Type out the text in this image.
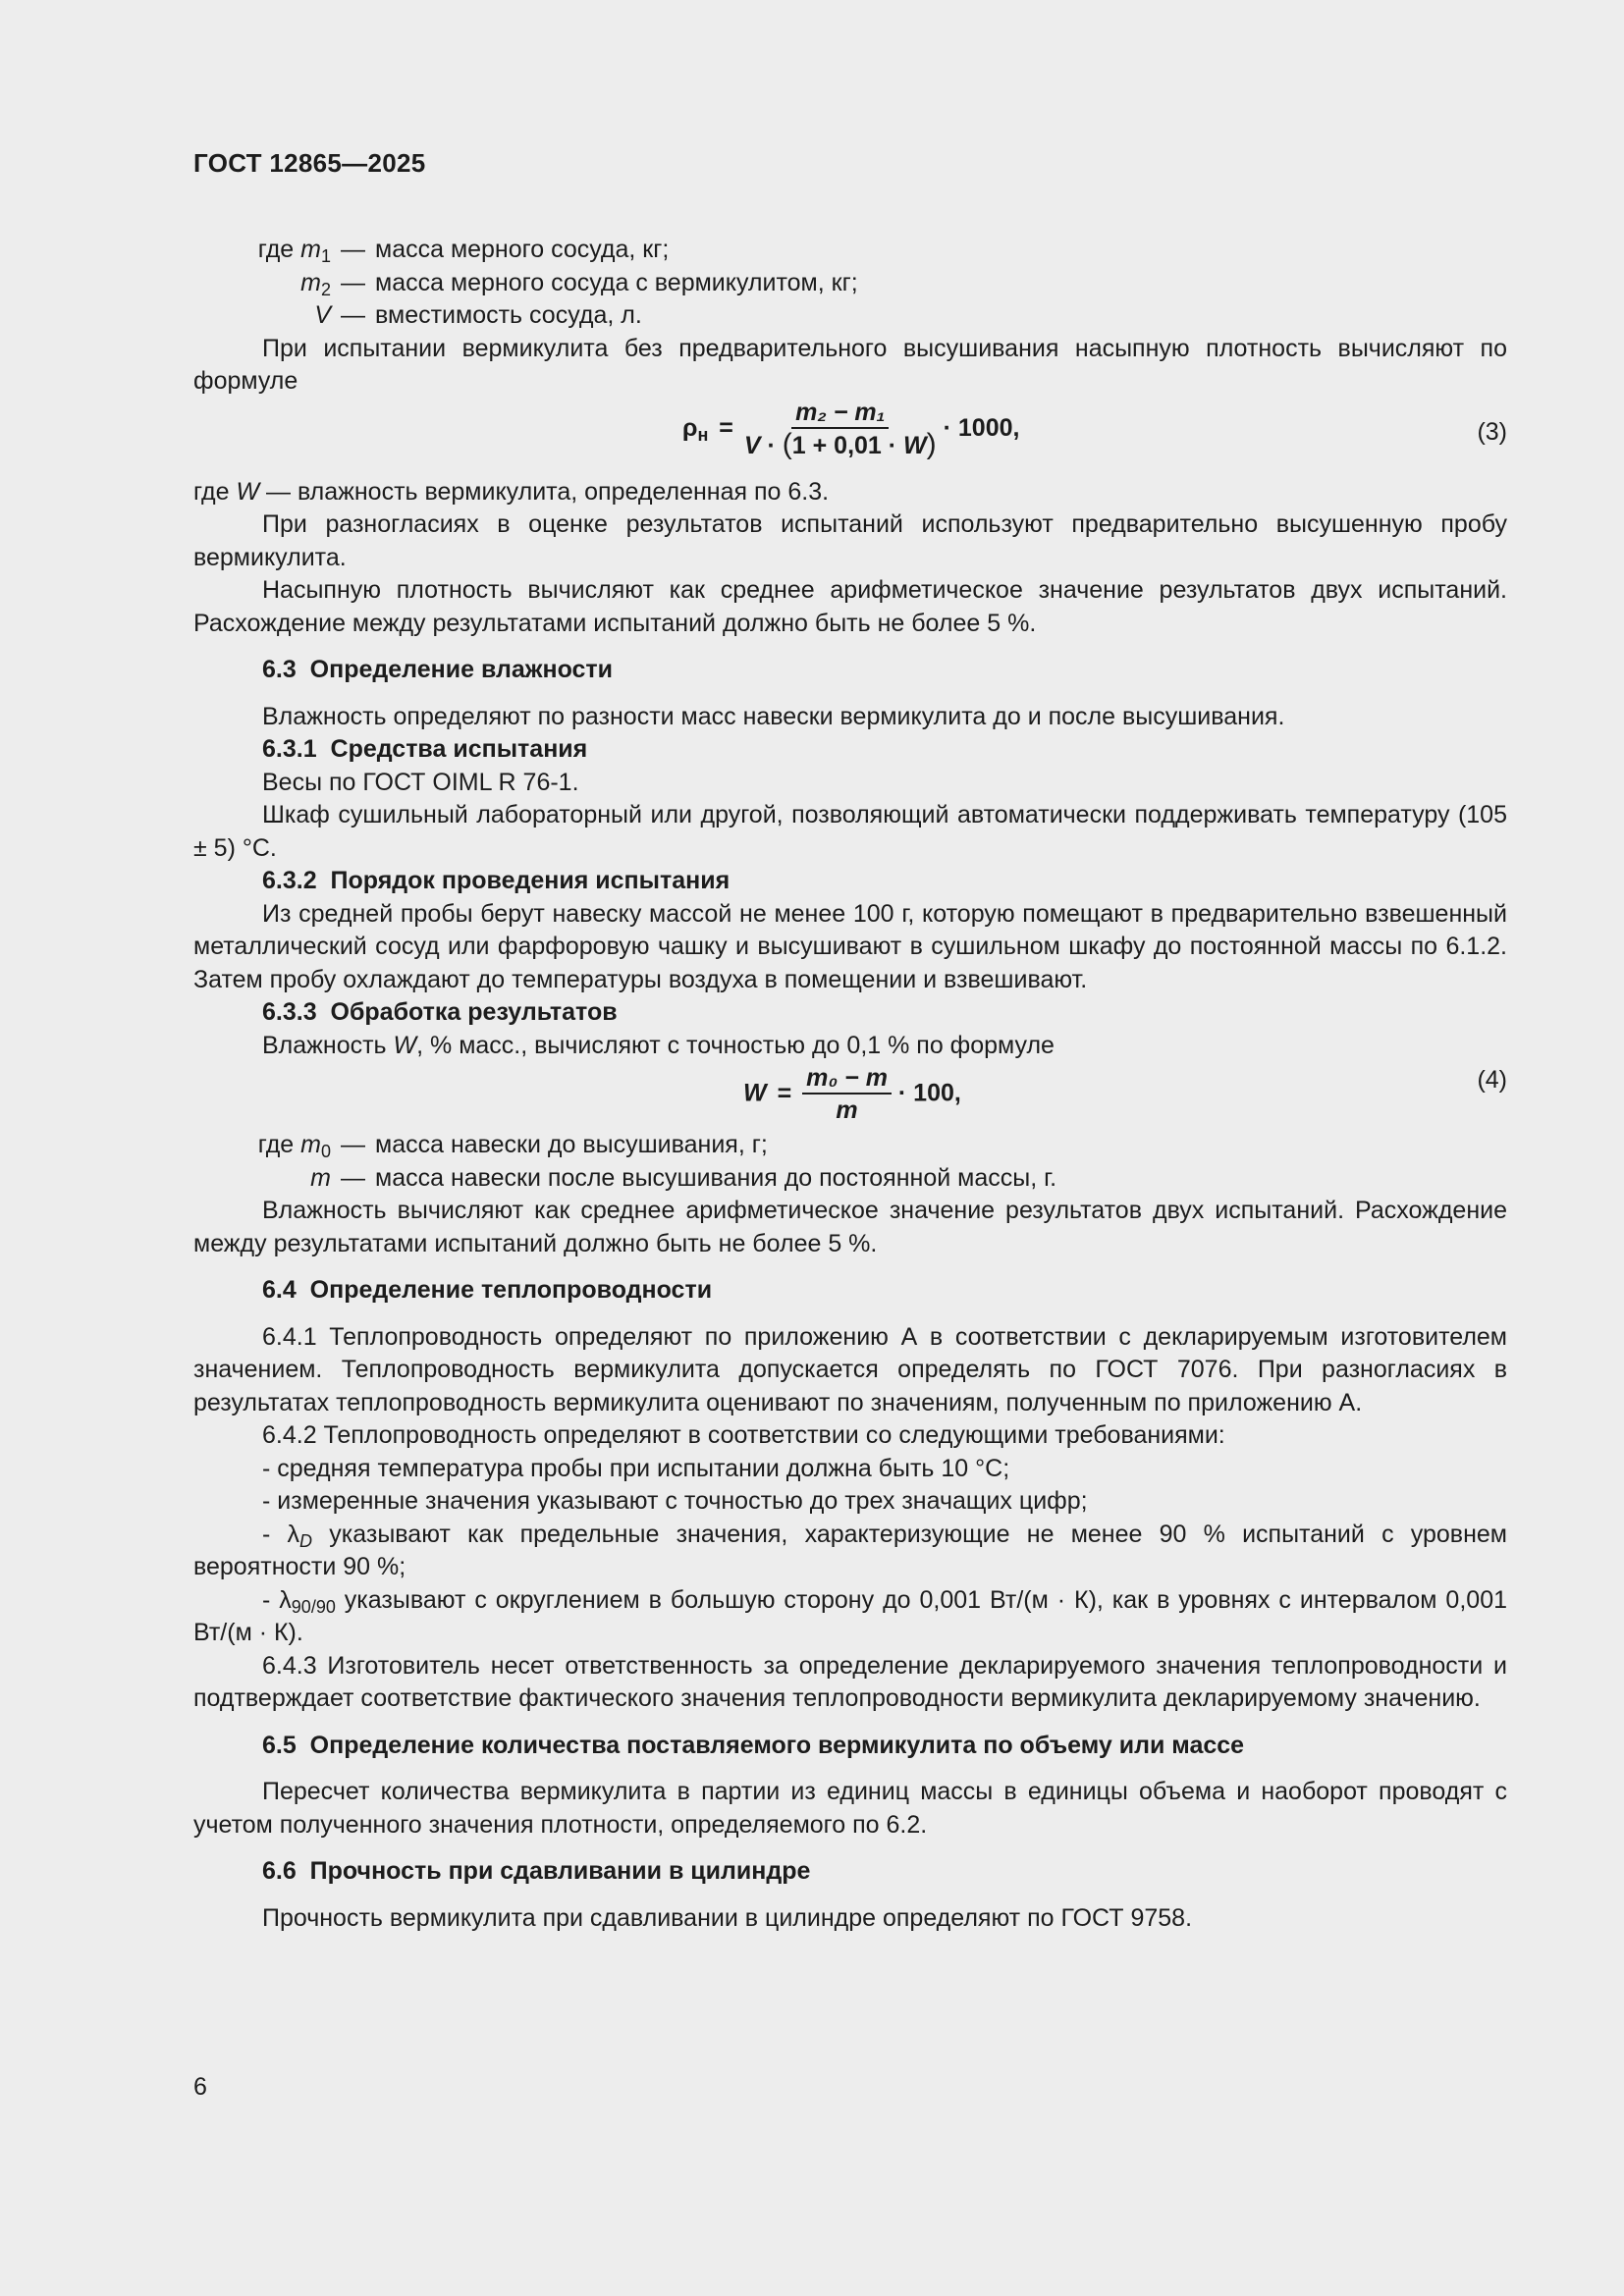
ГОСТ 12865—2025
где $m_1$ — масса мерного сосуда, кг;
$m_2$ — масса мерного сосуда с вермикулитом, кг;
V — вместимость сосуда, л.

При испытании вермикулита без предварительного высушивания насыпную плотность вычисляют по формуле

$\rho_н = \frac{\text{m₂ − m₁}}{V \cdot (1 + 0,01 \cdot W)} \cdot 1000$,	(3)

где W — влажность вермикулита, определенная по 6.3.

При разногласиях в оценке результатов испытаний используют предварительно высушенную пробу вермикулита.

Насыпную плотность вычисляют как среднее арифметическое значение результатов двух испытаний. Расхождение между результатами испытаний должно быть не более 5 %.

6.3 Определение влажности

Влажность определяют по разности масс навески вермикулита до и после высушивания.

6.3.1 Средства испытания

Весы по ГОСТ OIML R 76-1.

Шкаф сушильный лабораторный или другой, позволяющий автоматически поддерживать температуру (105 ± 5) °С.

6.3.2 Порядок проведения испытания

Из средней пробы берут навеску массой не менее 100 г, которую помещают в предварительно взвешенный металлический сосуд или фарфоровую чашку и высушивают в сушильном шкафу до постоянной массы по 6.1.2. Затем пробу охлаждают до температуры воздуха в помещении и взвешивают.

6.3.3 Обработка результатов

Влажность W, % масс., вычисляют с точностью до 0,1 % по формуле

$W = \frac{\text{m₀ − m}}{m} \cdot 100$,	(4)
где $m_0$ — масса навески до высушивания, г;
m — масса навески после высушивания до постоянной массы, г.

Влажность вычисляют как среднее арифметическое значение результатов двух испытаний. Расхождение между результатами испытаний должно быть не более 5 %.

6.4 Определение теплопроводности

6.4.1 Теплопроводность определяют по приложению А в соответствии с декларируемым изготовителем значением. Теплопроводность вермикулита допускается определять по ГОСТ 7076. При разногласиях в результатах теплопроводность вермикулита оценивают по значениям, полученным по приложению А.

6.4.2 Теплопроводность определяют в соответствии со следующими требованиями:

- средняя температура пробы при испытании должна быть 10 °С;

- измеренные значения указывают с точностью до трех значащих цифр;

- $\lambda_D$ указывают как предельные значения, характеризующие не менее 90 % испытаний с уровнем вероятности 90 %;

- $\lambda_{90/90}$ указывают с округлением в большую сторону до 0,001 Вт/(м · К), как в уровнях с интервалом 0,001 Вт/(м · К).

6.4.3 Изготовитель несет ответственность за определение декларируемого значения теплопроводности и подтверждает соответствие фактического значения теплопроводности вермикулита декларируемому значению.

6.5 Определение количества поставляемого вермикулита по объему или массе

Пересчет количества вермикулита в партии из единиц массы в единицы объема и наоборот проводят с учетом полученного значения плотности, определяемого по 6.2.

6.6 Прочность при сдавливании в цилиндре

Прочность вермикулита при сдавливании в цилиндре определяют по ГОСТ 9758.

6
